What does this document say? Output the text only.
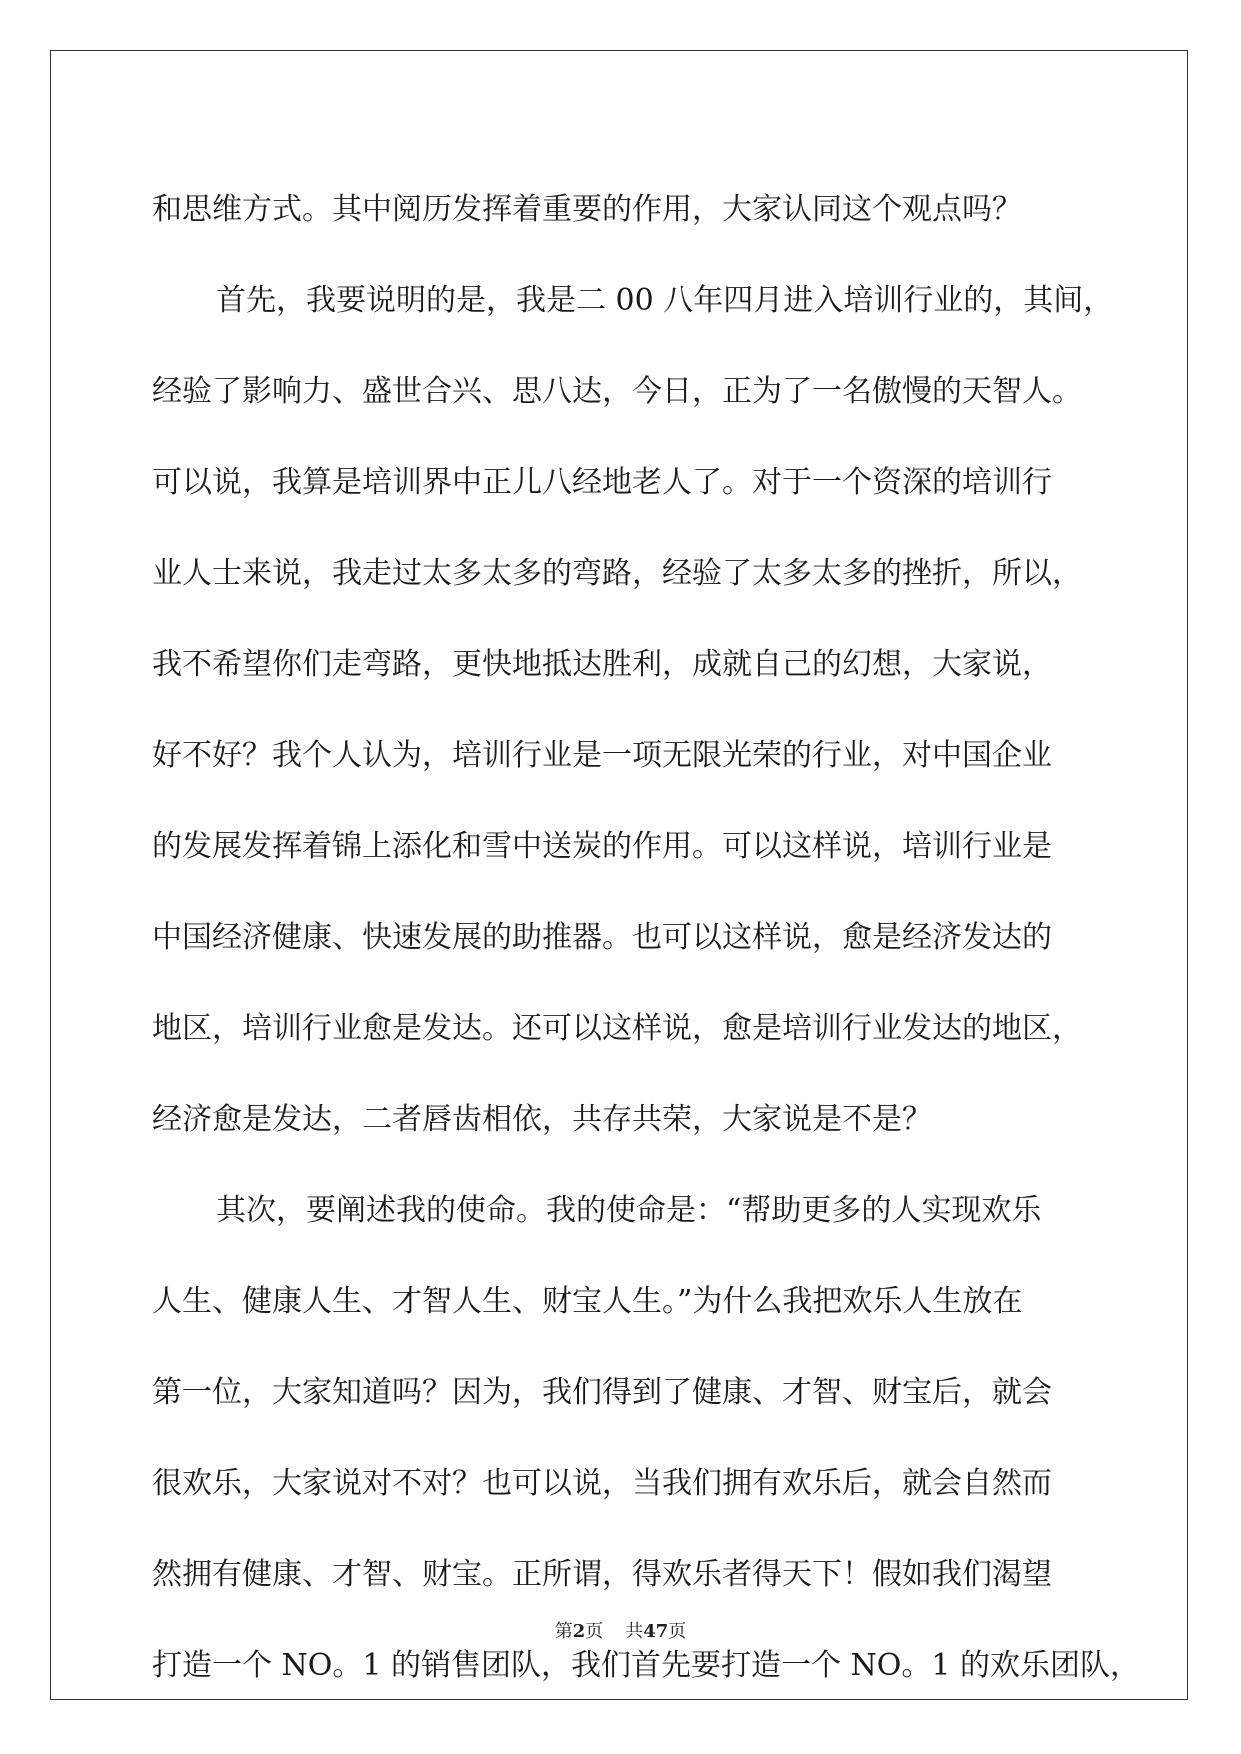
和思维方式。其中阅历发挥着重要的作用，大家认同这个观点吗？
首先，我要说明的是，我是二 00 八年四月进入培训行业的，其间，
经验了影响力、盛世合兴、思八达，今日，正为了一名傲慢的天智人。
可以说，我算是培训界中正儿八经地老人了。对于一个资深的培训行
业人士来说，我走过太多太多的弯路，经验了太多太多的挫折，所以，
我不希望你们走弯路，更快地抵达胜利，成就自己的幻想，大家说，
好不好？我个人认为，培训行业是一项无限光荣的行业，对中国企业
的发展发挥着锦上添化和雪中送炭的作用。可以这样说，培训行业是
中国经济健康、快速发展的助推器。也可以这样说，愈是经济发达的
地区，培训行业愈是发达。还可以这样说，愈是培训行业发达的地区，
经济愈是发达，二者唇齿相依，共存共荣，大家说是不是？
其次，要阐述我的使命。我的使命是：“帮助更多的人实现欢乐
人生、健康人生、才智人生、财宝人生。”为什么我把欢乐人生放在
第一位，大家知道吗？因为，我们得到了健康、才智、财宝后，就会
很欢乐，大家说对不对？也可以说，当我们拥有欢乐后，就会自然而
然拥有健康、才智、财宝。正所谓，得欢乐者得天下！假如我们渴望
打造一个 NO。1 的销售团队，我们首先要打造一个 NO。1 的欢乐团队，
第2页 共47页
